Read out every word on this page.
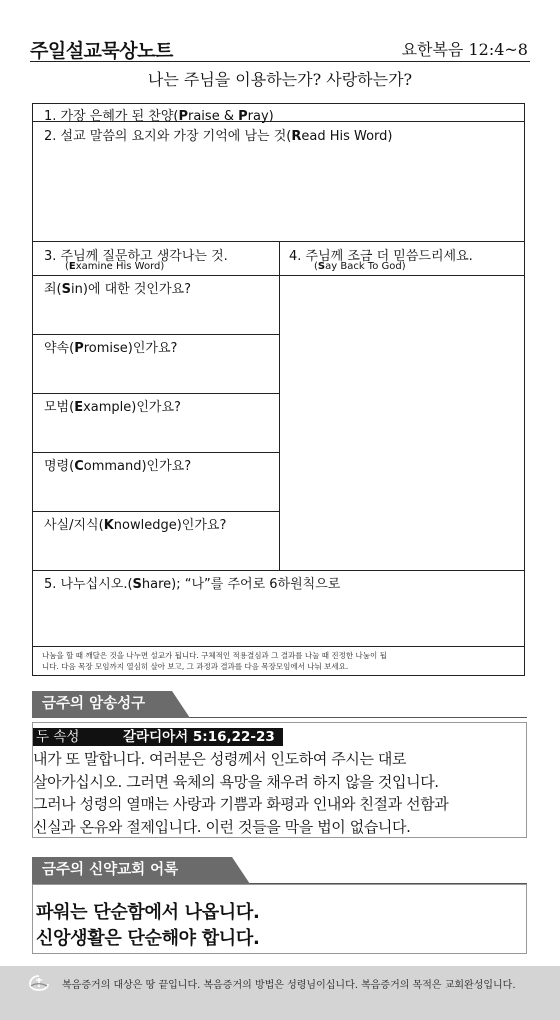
주일설교묵상노트	요한복음 12:4~8
나는 주님을 이용하는가? 사랑하는가?
1. 가장 은혜가 된 찬양(Praise & Pray)
2. 설교 말씀의 요지와 가장 기억에 남는 것(Read His Word)
3. 주님께 질문하고 생각나는 것.
(Examine His Word)
4. 주님께 조금 더 믿씀드리세요.
(Say Back To God)
죄(Sin)에 대한 것인가요?
약속(Promise)인가요?
모범(Example)인가요?
명령(Command)인가요?
사실/지식(Knowledge)인가요?
5. 나누십시오.(Share); “나”를 주어로 6하원칙으로
나눔을 할 때 깨달은 것을 나누면 설교가 됩니다. 구체적인 적용결심과 그 결과를 나눌 때 진정한 나눔이 됩
니다. 다음 목장 모임까지 열심히 살아 보고, 그 과정과 결과를 다음 목장모임에서 나눠 보세요.
금주의 암송성구
두 속성	갈라디아서 5:16,22-23
내가 또 말합니다. 여러분은 성령께서 인도하여 주시는 대로
살아가십시오. 그러면 육체의 욕망을 채우려 하지 않을 것입니다.
그러나 성령의 열매는 사랑과 기쁨과 화평과 인내와 친절과 선함과
신실과 온유와 절제입니다. 이런 것들을 막을 법이 없습니다.
금주의 신약교회 어록
파워는 단순함에서 나옵니다.
신앙생활은 단순해야 합니다.
복음증거의 대상은 땅 끝입니다. 복음증거의 방법은 성령님이십니다. 복음증거의 목적은 교회완성입니다.
